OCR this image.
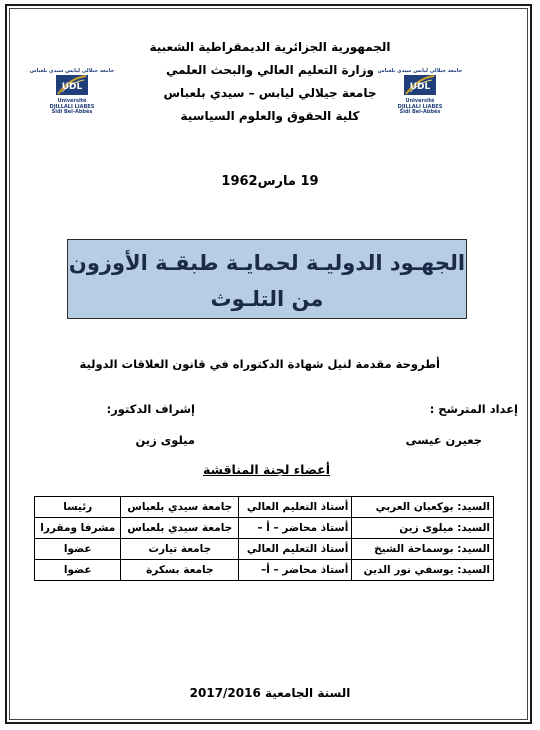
جامعة جيلالي ليابس سيدي بلعباس
UDL
Université
DJILLALI LIABES
Sidi Bel-Abbès
جامعة جيلالي ليابس سيدي بلعباس
UDL
Université
DJILLALI LIABES
Sidi Bel-Abbès
الجمهورية الجزائرية الديمقراطية الشعبية
وزارة التعليم العالي والبحث العلمي
جامعة جيلالي ليابس – سيدي بلعباس
كلية الحقوق والعلوم السياسية
19 مارس1962
الجهـود الدوليـة لحمايـة طبقـة الأوزون
من التلـوث
أطروحة مقدمة لنيل شهادة الدكتوراه في قانون العلاقات الدولية
إعداد المترشح :
إشراف الدكتور:
جعيرن عيسى
ميلوى زين
أعضاء لجنة المناقشة
السيد: بوكعبان العربي	أستاذ التعليم العالي	جامعة سيدي بلعباس	رئيسا
السيد: ميلوى زين	أستاذ محاضر – أ –	جامعة سيدي بلعباس	مشرفا ومقررا
السيد: بوسماحة الشيخ	أستاذ التعليم العالي	جامعة تيارت	عضوا
السيد: يوسفي نور الدين	أستاذ محاضر – أ–	جامعة بسكرة	عضوا
السنة الجامعية 2017/2016
